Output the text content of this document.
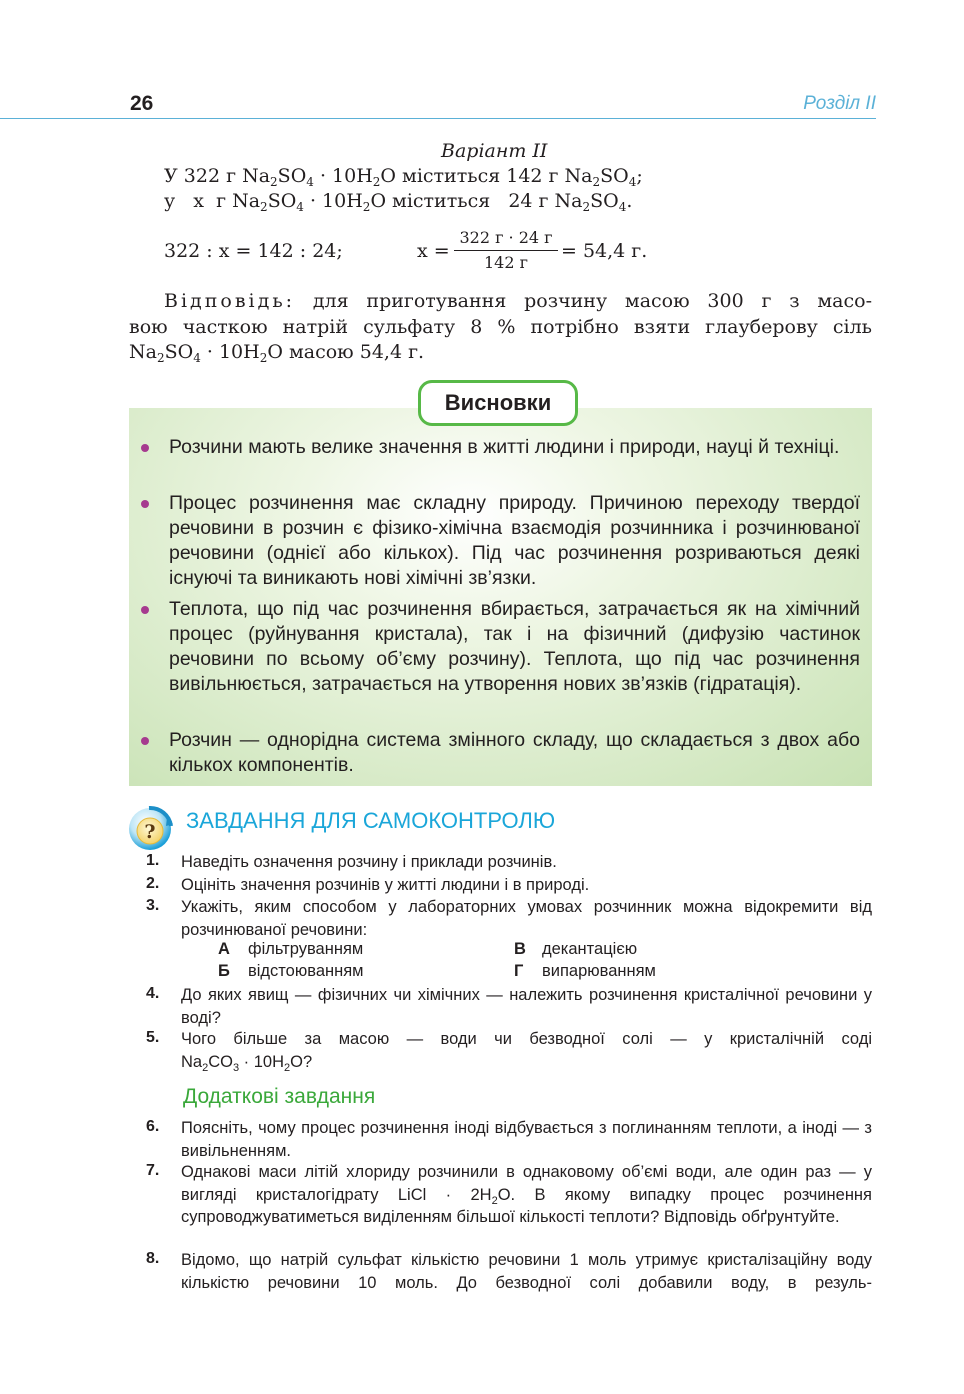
26	Розділ II
Варіант II
У 322 г $Na_2SO_4 \cdot 10H_2O$ міститься 142 г $Na_2SO_4$;
у   x  г $Na_2SO_4 \cdot 10H_2O$ міститься   24 г $Na_2SO_4$.
322 : x = 142 : 24;	x =
322 г · 24 г
142 г
= 54,4 г.
Відповідь: для приготування розчину масою 300 г з масо-
вою часткою натрій сульфату 8 % потрібно взяти глауберову сіль
$Na_2SO_4 \cdot 10H_2O$ масою 54,4 г.
Висновки
Розчини мають велике значення в житті людини і природи, науці й техніці.
Процес розчинення має складну природу. Причиною переходу твердої речовини в розчин є фізико-хімічна взаємодія розчинника і розчинюваної речовини (однієї або кількох). Під час розчинення розриваються деякі існуючі та виникають нові хімічні зв’язки.
Теплота, що під час розчинення вбирається, затрачається як на хімічний процес (руйнування кристала), так і на фізичний (дифузію частинок речовини по всьому об’єму розчину). Теплота, що під час розчинення вивільнюється, затрачається на утворення нових зв’язків (гідратація).
Розчин — однорідна система змінного складу, що складається з двох або кількох компонентів.
? ЗАВДАННЯ ДЛЯ САМОКОНТРОЛЮ
1. Наведіть означення розчину і приклади розчинів.
2. Оцініть значення розчинів у житті людини і в природі.
3. Укажіть, яким способом у лабораторних умовах розчинник можна відокремити від розчинюваної речовини:
А фільтруванням
Б відстоюванням
В декантацією
Г випарюванням
4. До яких явищ — фізичних чи хімічних — належить розчинення кристалічної речовини у воді?
5. Чого більше за масою — води чи безводної солі — у кристалічній соді
$Na_2CO_3 \cdot 10H_2O$?
Додаткові завдання
6. Поясніть, чому процес розчинення іноді відбувається з поглинанням теплоти, а іноді — з вивільненням.
7. Однакові маси літій хлориду розчинили в однаковому об’ємі води, але один раз — у вигляді кристалогідрату LiCl · $2H_2O$. В якому випадку процес розчинення супроводжуватиметься виділенням більшої кількості теплоти? Відповідь обґрунтуйте.
8. Відомо, що натрій сульфат кількістю речовини 1 моль утримує кристалізаційну воду кількістю речовини 10 моль. До безводної солі добавили воду, в резуль-
